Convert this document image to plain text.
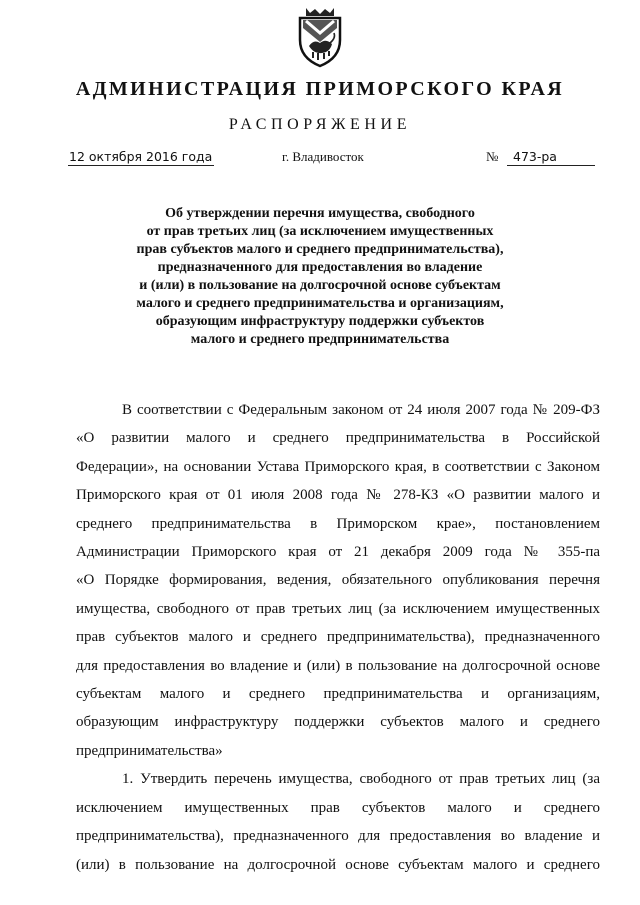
АДМИНИСТРАЦИЯ ПРИМОРСКОГО КРАЯ
РАСПОРЯЖЕНИЕ
12 октября 2016 года	г. Владивосток	№	473-ра
Об утверждении перечня имущества, свободного
от прав третьих лиц (за исключением имущественных
прав субъектов малого и среднего предпринимательства),
предназначенного для предоставления во владение
и (или) в пользование на долгосрочной основе субъектам
малого и среднего предпринимательства и организациям,
образующим инфраструктуру поддержки субъектов
малого и среднего предпринимательства

В соответствии с Федеральным законом от 24 июля 2007 года № 209-ФЗ
«О развитии малого и среднего предпринимательства в Российской
Федерации», на основании Устава Приморского края, в соответствии с Законом
Приморского края от 01 июля 2008 года № 278-КЗ «О развитии малого и
среднего предпринимательства в Приморском крае», постановлением
Администрации Приморского края от 21 декабря 2009 года № 355-па
«О Порядке формирования, ведения, обязательного опубликования перечня
имущества, свободного от прав третьих лиц (за исключением имущественных
прав субъектов малого и среднего предпринимательства), предназначенного
для предоставления во владение и (или) в пользование на долгосрочной основе
субъектам малого и среднего предпринимательства и организациям,
образующим инфраструктуру поддержки субъектов малого и среднего
предпринимательства»

1. Утвердить перечень имущества, свободного от прав третьих лиц (за
исключением имущественных прав субъектов малого и среднего
предпринимательства), предназначенного для предоставления во владение и
(или) в пользование на долгосрочной основе субъектам малого и среднего
